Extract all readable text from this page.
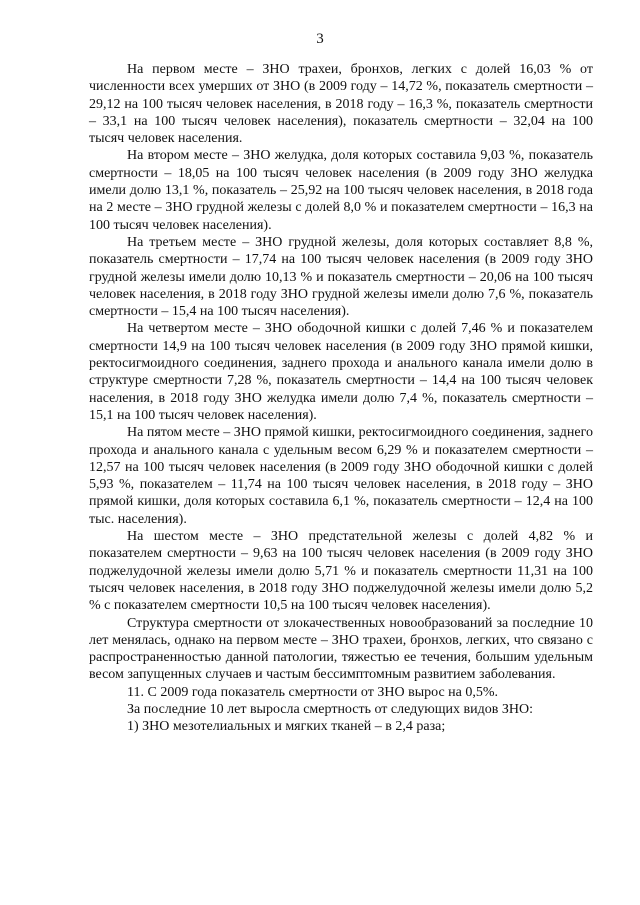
3

На первом месте – ЗНО трахеи, бронхов, легких с долей 16,03 % от численности всех умерших от ЗНО (в 2009 году – 14,72 %, показатель смертности – 29,12 на 100 тысяч человек населения, в 2018 году – 16,3 %, показатель смертности – 33,1 на 100 тысяч человек населения), показатель смертности – 32,04 на 100 тысяч человек населения.

На втором месте – ЗНО желудка, доля которых составила 9,03 %, показатель смертности – 18,05 на 100 тысяч человек населения (в 2009 году ЗНО желудка имели долю 13,1 %, показатель – 25,92 на 100 тысяч человек населения, в 2018 года на 2 месте – ЗНО грудной железы с долей 8,0 % и показателем смертности – 16,3 на 100 тысяч человек населения).

На третьем месте – ЗНО грудной железы, доля которых составляет 8,8 %, показатель смертности – 17,74 на 100 тысяч человек населения (в 2009 году ЗНО грудной железы имели долю 10,13 % и показатель смертности – 20,06 на 100 тысяч человек населения, в 2018 году ЗНО грудной железы имели долю 7,6 %, показатель смертности – 15,4 на 100 тысяч населения).

На четвертом месте – ЗНО ободочной кишки с долей 7,46 % и показателем смертности 14,9 на 100 тысяч человек населения (в 2009 году ЗНО прямой кишки, ректосигмоидного соединения, заднего прохода и анального канала имели долю в структуре смертности 7,28 %, показатель смертности – 14,4 на 100 тысяч человек населения, в 2018 году ЗНО желудка имели долю 7,4 %, показатель смертности – 15,1 на 100 тысяч человек населения).

На пятом месте – ЗНО прямой кишки, ректосигмоидного соединения, заднего прохода и анального канала с удельным весом 6,29 % и показателем смертности – 12,57 на 100 тысяч человек населения (в 2009 году ЗНО ободочной кишки с долей 5,93 %, показателем – 11,74 на 100 тысяч человек населения, в 2018 году – ЗНО прямой кишки, доля которых составила 6,1 %, показатель смертности – 12,4 на 100 тыс. населения).

На шестом месте – ЗНО предстательной железы с долей 4,82 % и показателем смертности – 9,63 на 100 тысяч человек населения (в 2009 году ЗНО поджелудочной железы имели долю 5,71 % и показатель смертности 11,31 на 100 тысяч человек населения, в 2018 году ЗНО поджелудочной железы имели долю 5,2 % с показателем смертности 10,5 на 100 тысяч человек населения).

Структура смертности от злокачественных новообразований за последние 10 лет менялась, однако на первом месте – ЗНО трахеи, бронхов, легких, что связано с распространенностью данной патологии, тяжестью ее течения, большим удельным весом запущенных случаев и частым бессимптомным развитием заболевания.

11. С 2009 года показатель смертности от ЗНО вырос на 0,5%.

За последние 10 лет выросла смертность от следующих видов ЗНО:

1) ЗНО мезотелиальных и мягких тканей – в 2,4 раза;
